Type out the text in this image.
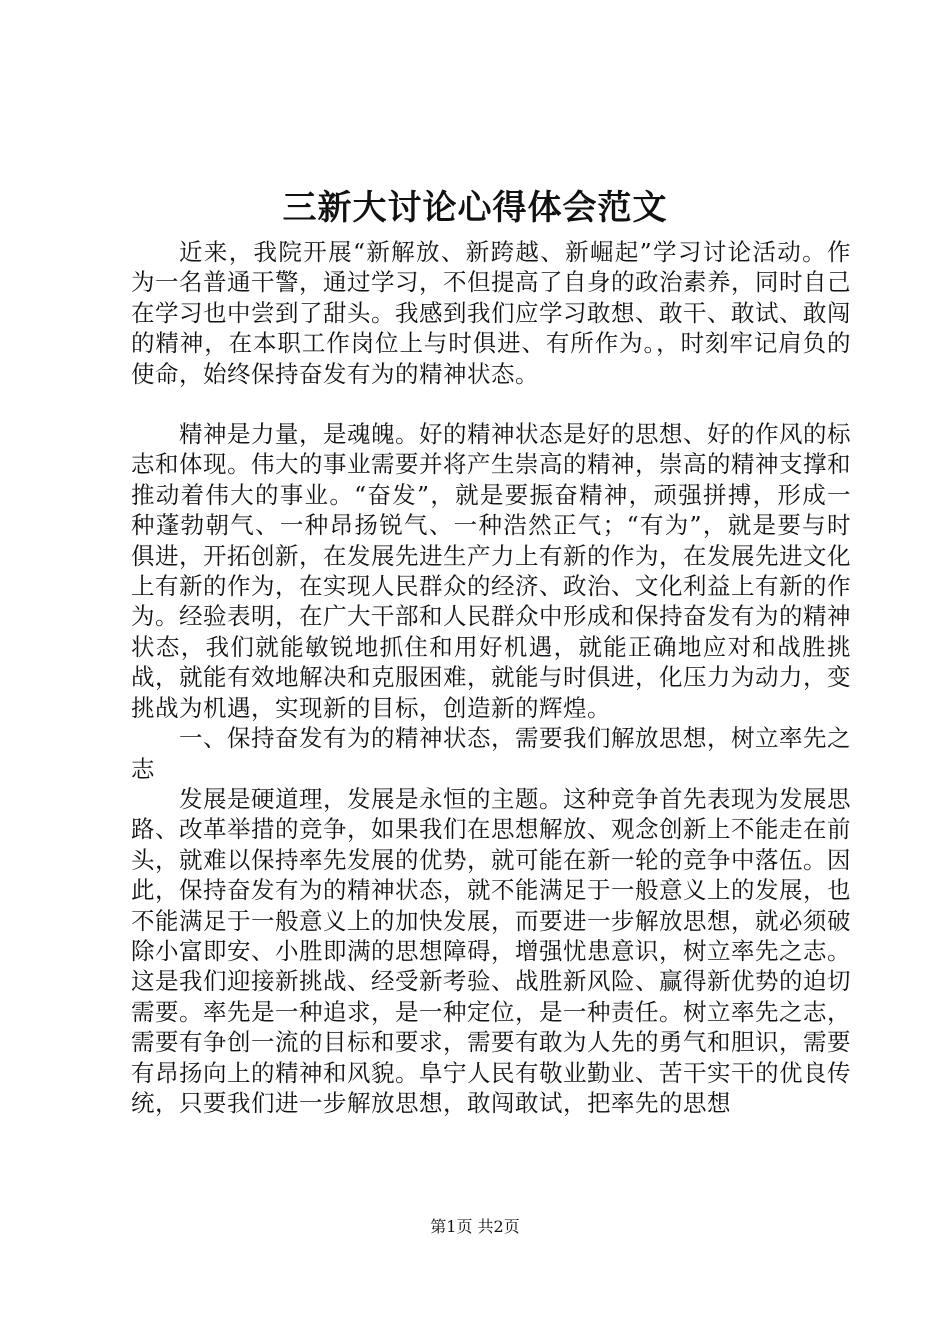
三新大讨论心得体会范文

近来，我院开展“新解放、新跨越、新崛起”学习讨论活动。作为一名普通干警，通过学习，不但提高了自身的政治素养，同时自己在学习也中尝到了甜头。我感到我们应学习敢想、敢干、敢试、敢闯的精神，在本职工作岗位上与时俱进、有所作为。，时刻牢记肩负的使命，始终保持奋发有为的精神状态。

精神是力量，是魂魄。好的精神状态是好的思想、好的作风的标志和体现。伟大的事业需要并将产生崇高的精神，崇高的精神支撑和推动着伟大的事业。“奋发”，就是要振奋精神，顽强拼搏，形成一种蓬勃朝气、一种昂扬锐气、一种浩然正气；“有为”，就是要与时俱进，开拓创新，在发展先进生产力上有新的作为，在发展先进文化上有新的作为，在实现人民群众的经济、政治、文化利益上有新的作为。经验表明，在广大干部和人民群众中形成和保持奋发有为的精神状态，我们就能敏锐地抓住和用好机遇，就能正确地应对和战胜挑战，就能有效地解决和克服困难，就能与时俱进，化压力为动力，变挑战为机遇，实现新的目标，创造新的辉煌。

一、保持奋发有为的精神状态，需要我们解放思想，树立率先之志

发展是硬道理，发展是永恒的主题。这种竞争首先表现为发展思路、改革举措的竞争，如果我们在思想解放、观念创新上不能走在前头，就难以保持率先发展的优势，就可能在新一轮的竞争中落伍。因此，保持奋发有为的精神状态，就不能满足于一般意义上的发展，也不能满足于一般意义上的加快发展，而要进一步解放思想，就必须破除小富即安、小胜即满的思想障碍，增强忧患意识，树立率先之志。这是我们迎接新挑战、经受新考验、战胜新风险、赢得新优势的迫切需要。率先是一种追求，是一种定位，是一种责任。树立率先之志，需要有争创一流的目标和要求，需要有敢为人先的勇气和胆识，需要有昂扬向上的精神和风貌。阜宁人民有敬业勤业、苦干实干的优良传统，只要我们进一步解放思想，敢闯敢试，把率先的思想

第1页 共2页
